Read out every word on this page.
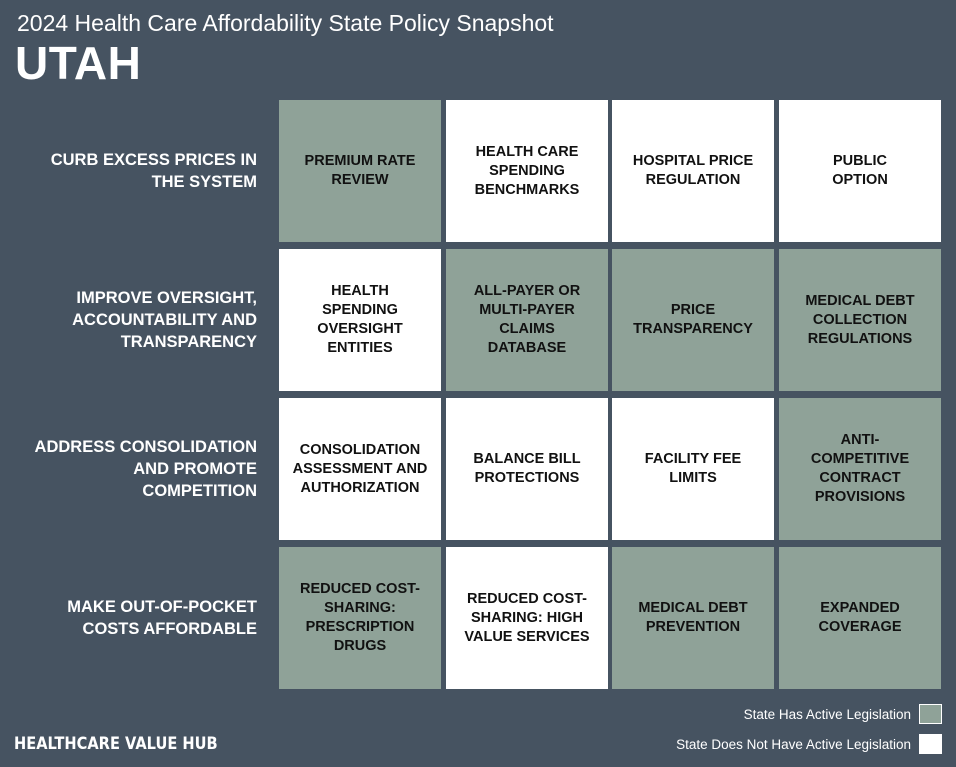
2024 Health Care Affordability State Policy Snapshot
UTAH
CURB EXCESS PRICES IN THE SYSTEM
IMPROVE OVERSIGHT, ACCOUNTABILITY AND TRANSPARENCY
ADDRESS CONSOLIDATION AND PROMOTE COMPETITION
MAKE OUT-OF-POCKET COSTS AFFORDABLE
PREMIUM RATE REVIEW
HEALTH CARE SPENDING BENCHMARKS
HOSPITAL PRICE REGULATION
PUBLIC OPTION
HEALTH SPENDING OVERSIGHT ENTITIES
ALL-PAYER OR MULTI-PAYER CLAIMS DATABASE
PRICE TRANSPARENCY
MEDICAL DEBT COLLECTION REGULATIONS
CONSOLIDATION ASSESSMENT AND AUTHORIZATION
BALANCE BILL PROTECTIONS
FACILITY FEE LIMITS
ANTI-COMPETITIVE CONTRACT PROVISIONS
REDUCED COST-SHARING: PRESCRIPTION DRUGS
REDUCED COST-SHARING: HIGH VALUE SERVICES
MEDICAL DEBT PREVENTION
EXPANDED COVERAGE
State Has Active Legislation
State Does Not Have Active Legislation
HEALTHCARE VALUE HUB
